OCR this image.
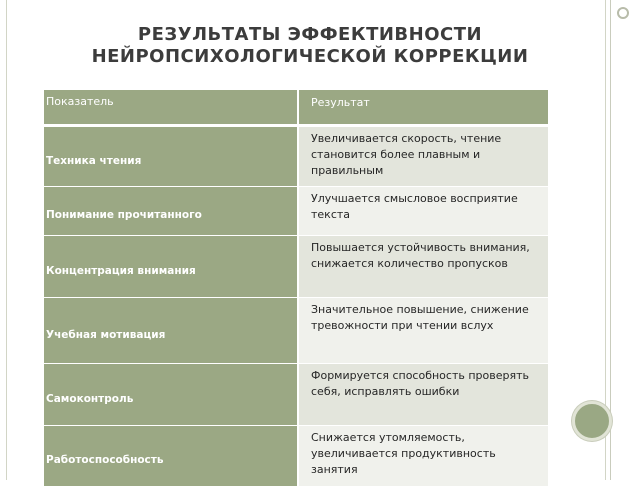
РЕЗУЛЬТАТЫ ЭФФЕКТИВНОСТИ
НЕЙРОПСИХОЛОГИЧЕСКОЙ КОРРЕКЦИИ
Показатель	Результат
Техника чтения	Увеличивается скорость, чтение становится более плавным и правильным
Понимание прочитанного	Улучшается смысловое восприятие текста
Концентрация внимания	Повышается устойчивость внимания, снижается количество пропусков
Учебная мотивация	Значительное повышение, снижение тревожности при чтении вслух
Самоконтроль	Формируется способность проверять себя, исправлять ошибки
Работоспособность	Снижается утомляемость, увеличивается продуктивность занятия
